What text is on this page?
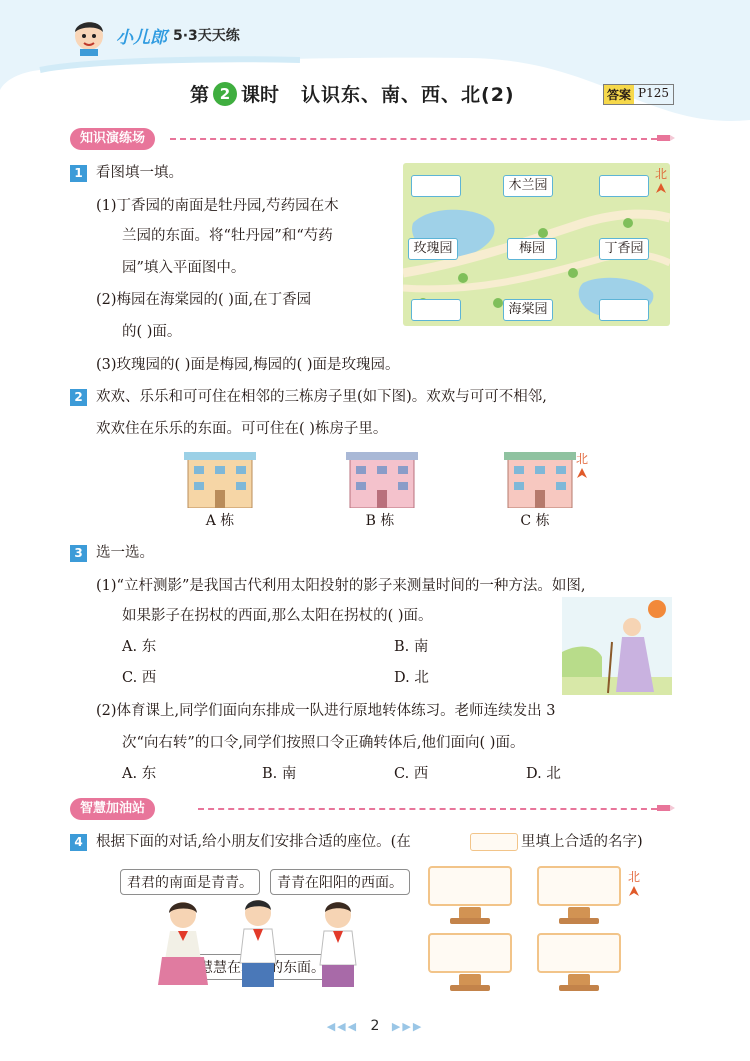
小儿郎 5·3天天练
第 2 课时 认识东、南、西、北(2)	答案 P125
知识演练场
1 看图填一填。
(1)丁香园的南面是牡丹园,芍药园在木
兰园的东面。将“牡丹园”和“芍药
园”填入平面图中。
(2)梅园在海棠园的( )面,在丁香园
的( )面。
(3)玫瑰园的( )面是梅园,梅园的( )面是玫瑰园。
木兰园
玫瑰园	梅园	丁香园
海棠园
北
2 欢欢、乐乐和可可住在相邻的三栋房子里(如下图)。欢欢与可可不相邻,
欢欢住在乐乐的东面。可可住在( )栋房子里。
北
A 栋	B 栋	C 栋
3 选一选。
(1)“立杆测影”是我国古代利用太阳投射的影子来测量时间的一种方法。如图,
如果影子在拐杖的西面,那么太阳在拐杖的( )面。
A. 东	B. 南
C. 西	D. 北
(2)体育课上,同学们面向东排成一队进行原地转体练习。老师连续发出 3
次“向右转”的口令,同学们按照口令正确转体后,他们面向( )面。
A. 东	B. 南	C. 西	D. 北
智慧加油站
4 根据下面的对话,给小朋友们安排合适的座位。(在	里填上合适的名字)
君君的南面是青青。	青青在阳阳的西面。	北
◀◀◀ 2 ▶▶▶
